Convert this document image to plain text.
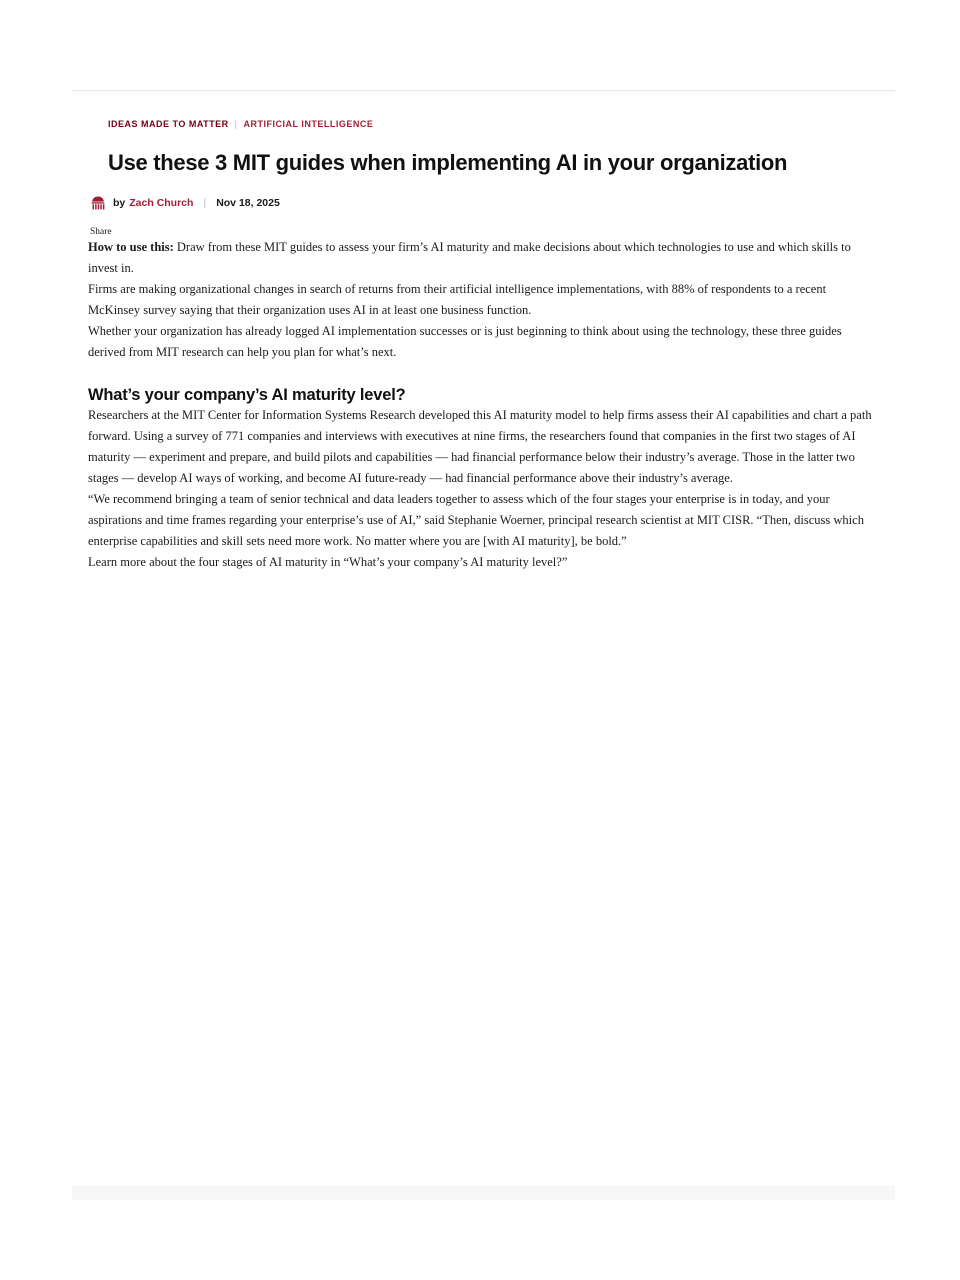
IDEAS MADE TO MATTER | ARTIFICIAL INTELLIGENCE
Use these 3 MIT guides when implementing AI in your organization
by Zach Church | Nov 18, 2025
Share

How to use this: Draw from these MIT guides to assess your firm’s AI maturity and make decisions about which technologies to use and which skills to invest in.

Firms are making organizational changes in search of returns from their artificial intelligence implementations, with 88% of respondents to a recent McKinsey survey saying that their organization uses AI in at least one business function.

Whether your organization has already logged AI implementation successes or is just beginning to think about using the technology, these three guides derived from MIT research can help you plan for what’s next.

What’s your company’s AI maturity level?

Researchers at the MIT Center for Information Systems Research developed this AI maturity model to help firms assess their AI capabilities and chart a path forward. Using a survey of 771 companies and interviews with executives at nine firms, the researchers found that companies in the first two stages of AI maturity — experiment and prepare, and build pilots and capabilities — had financial performance below their industry’s average. Those in the latter two stages — develop AI ways of working, and become AI future-ready — had financial performance above their industry’s average.

“We recommend bringing a team of senior technical and data leaders together to assess which of the four stages your enterprise is in today, and your aspirations and time frames regarding your enterprise’s use of AI,” said Stephanie Woerner, principal research scientist at MIT CISR. “Then, discuss which enterprise capabilities and skill sets need more work. No matter where you are [with AI maturity], be bold.”

Learn more about the four stages of AI maturity in “What’s your company’s AI maturity level?”
